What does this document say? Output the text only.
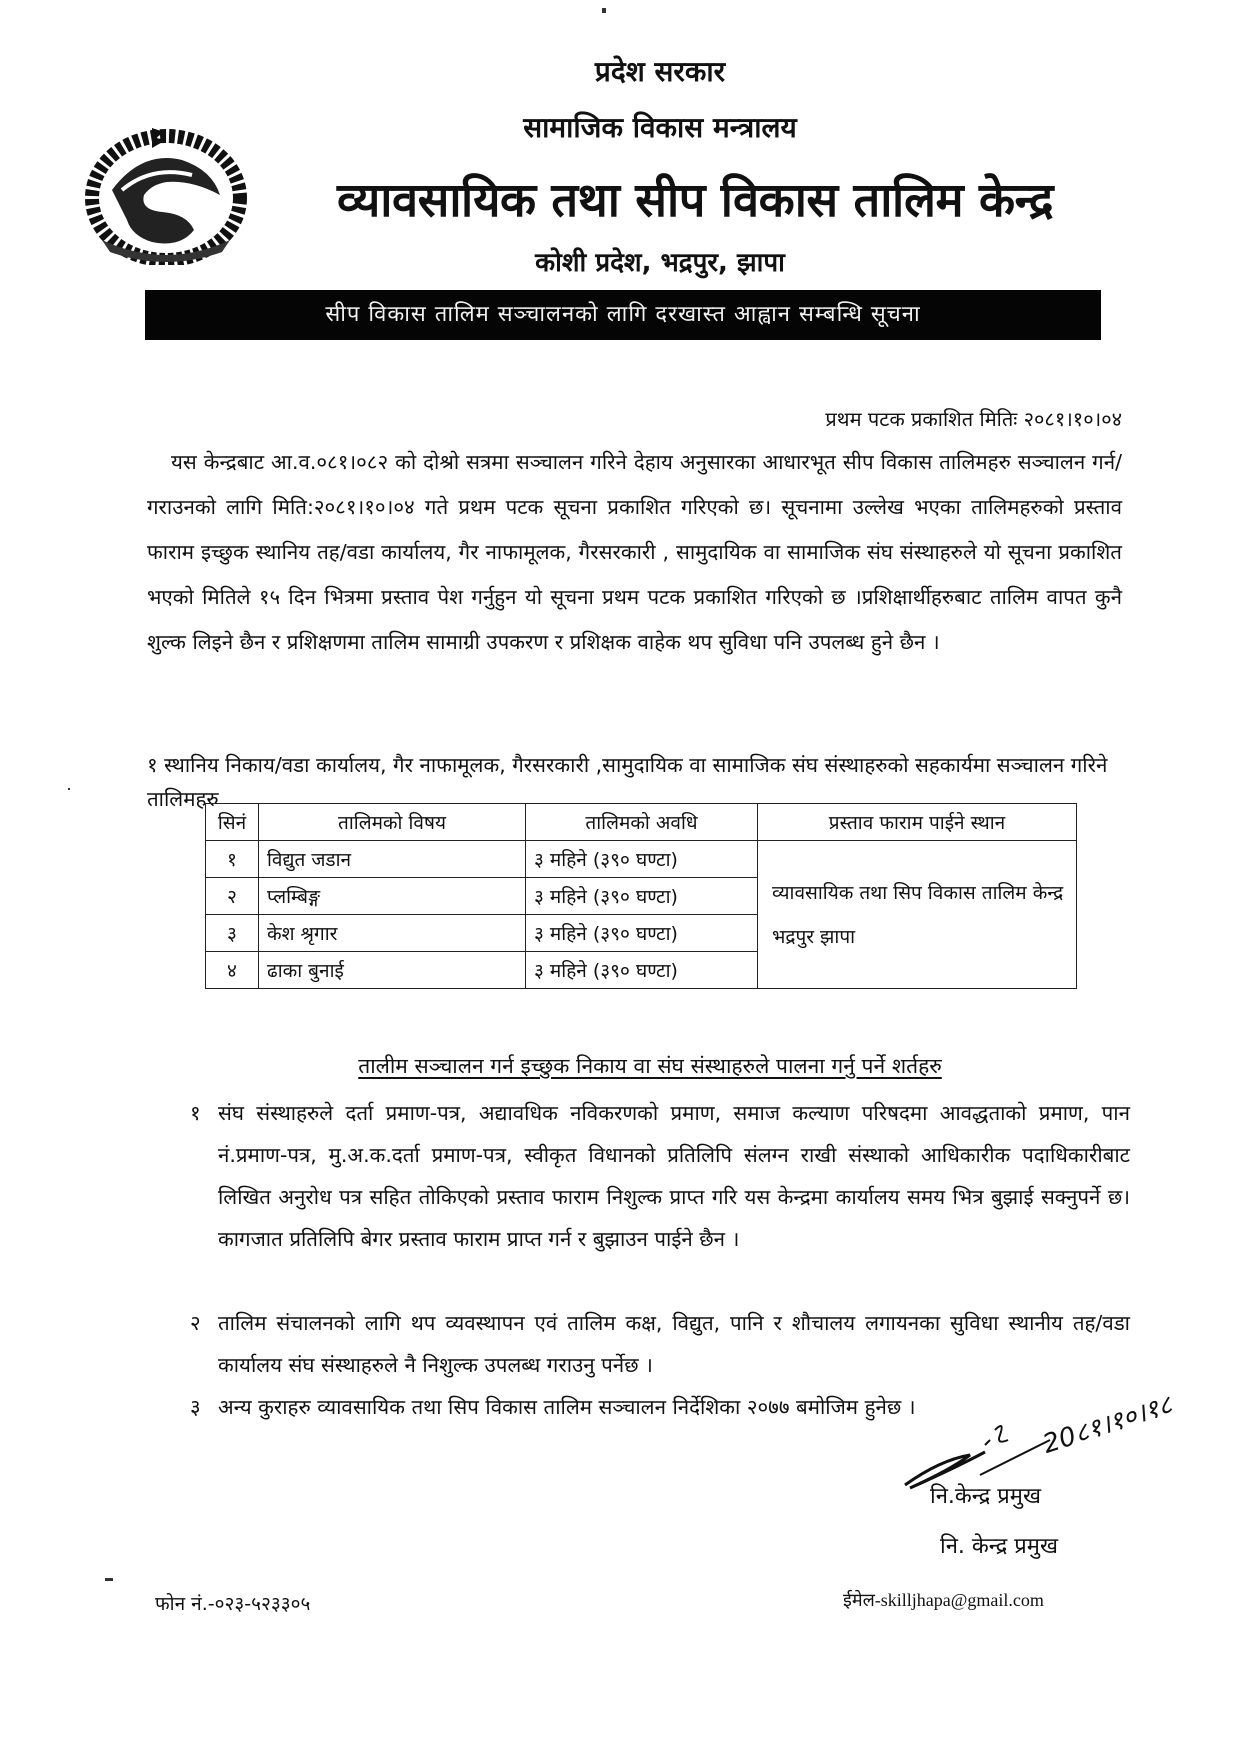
प्रदेश सरकार
सामाजिक विकास मन्त्रालय
व्यावसायिक तथा सीप विकास तालिम केन्द्र
कोशी प्रदेश, भद्रपुर, झापा
सीप विकास तालिम सञ्चालनको लागि दरखास्त आह्वान सम्बन्धि सूचना
प्रथम पटक प्रकाशित मितिः २०८१।१०।०४
यस केन्द्रबाट आ.व.०८१।०८२ को दोश्रो सत्रमा सञ्चालन गरिने देहाय अनुसारका आधारभूत सीप विकास तालिमहरु सञ्चालन गर्न/गराउनको लागि मिति:२०८१।१०।०४ गते प्रथम पटक सूचना प्रकाशित गरिएको छ। सूचनामा उल्लेख भएका तालिमहरुको प्रस्ताव फाराम इच्छुक स्थानिय तह/वडा कार्यालय, गैर नाफामूलक, गैरसरकारी , सामुदायिक वा सामाजिक संघ संस्थाहरुले यो सूचना प्रकाशित भएको मितिले १५ दिन भित्रमा प्रस्ताव पेश गर्नुहुन यो सूचना प्रथम पटक प्रकाशित गरिएको छ ।प्रशिक्षार्थीहरुबाट तालिम वापत कुनै शुल्क लिइने छैन र प्रशिक्षणमा तालिम सामाग्री उपकरण र प्रशिक्षक वाहेक थप सुविधा पनि उपलब्ध हुने छैन ।
१ स्थानिय निकाय/वडा कार्यालय, गैर नाफामूलक, गैरसरकारी ,सामुदायिक वा सामाजिक संघ संस्थाहरुको सहकार्यमा सञ्चालन गरिने तालिमहरु
सिनं	तालिमको विषय	तालिमको अवधि	प्रस्ताव फाराम पाईने स्थान
१	विद्युत जडान	३ महिने (३९० घण्टा)	व्यावसायिक तथा सिप विकास तालिम केन्द्र भद्रपुर झापा
२	प्लम्बिङ्ग	३ महिने (३९० घण्टा)	
३	केश श्रृगार	३ महिने (३९० घण्टा)	
४	ढाका बुनाई	३ महिने (३९० घण्टा)	
तालीम सञ्चालन गर्न इच्छुक निकाय वा संघ संस्थाहरुले पालना गर्नु पर्ने शर्तहरु
१ संघ संस्थाहरुले दर्ता प्रमाण-पत्र, अद्यावधिक नविकरणको प्रमाण, समाज कल्याण परिषदमा आवद्धताको प्रमाण, पान नं.प्रमाण-पत्र, मु.अ.क.दर्ता प्रमाण-पत्र, स्वीकृत विधानको प्रतिलिपि संलग्न राखी संस्थाको आधिकारीक पदाधिकारीबाट लिखित अनुरोध पत्र सहित तोकिएको प्रस्ताव फाराम निशुल्क प्राप्त गरि यस केन्द्रमा कार्यालय समय भित्र बुझाई सक्नुपर्ने छ।कागजात प्रतिलिपि बेगर प्रस्ताव फाराम प्राप्त गर्न र बुझाउन पाईने छैन ।
२ तालिम संचालनको लागि थप व्यवस्थापन एवं तालिम कक्ष, विद्युत, पानि र शौचालय लगायनका सुविधा स्थानीय तह/वडा कार्यालय संघ संस्थाहरुले नै निशुल्क उपलब्ध गराउनु पर्नेछ ।
३ अन्य कुराहरु व्यावसायिक तथा सिप विकास तालिम सञ्चालन निर्देशिका २०७७ बमोजिम हुनेछ ।	20८१।१०।१८
नि.केन्द्र प्रमुख
नि. केन्द्र प्रमुख
फोन नं.-०२३-५२३३०५	ईमेल-skilljhapa@gmail.com
